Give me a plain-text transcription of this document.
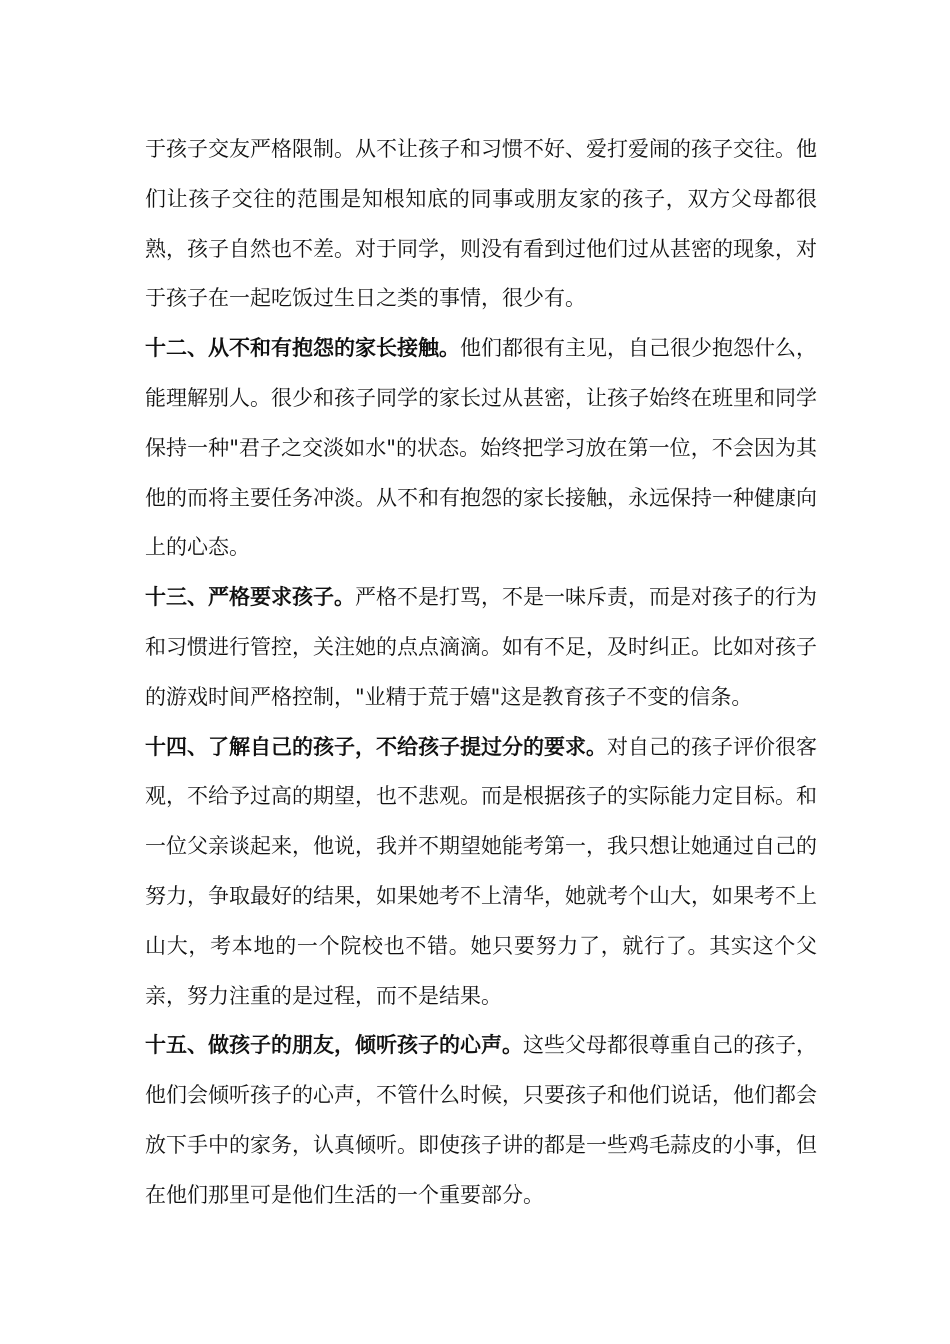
于孩子交友严格限制。从不让孩子和习惯不好、爱打爱闹的孩子交往。他们让孩子交往的范围是知根知底的同事或朋友家的孩子，双方父母都很熟，孩子自然也不差。对于同学，则没有看到过他们过从甚密的现象，对于孩子在一起吃饭过生日之类的事情，很少有。

十二、从不和有抱怨的家长接触。他们都很有主见，自己很少抱怨什么，能理解别人。很少和孩子同学的家长过从甚密，让孩子始终在班里和同学保持一种"君子之交淡如水"的状态。始终把学习放在第一位，不会因为其他的而将主要任务冲淡。从不和有抱怨的家长接触，永远保持一种健康向上的心态。

十三、严格要求孩子。严格不是打骂，不是一味斥责，而是对孩子的行为和习惯进行管控，关注她的点点滴滴。如有不足，及时纠正。比如对孩子的游戏时间严格控制，"业精于荒于嬉"这是教育孩子不变的信条。

十四、了解自己的孩子，不给孩子提过分的要求。对自己的孩子评价很客观，不给予过高的期望，也不悲观。而是根据孩子的实际能力定目标。和一位父亲谈起来，他说，我并不期望她能考第一，我只想让她通过自己的努力，争取最好的结果，如果她考不上清华，她就考个山大，如果考不上山大，考本地的一个院校也不错。她只要努力了，就行了。其实这个父亲，努力注重的是过程，而不是结果。

十五、做孩子的朋友，倾听孩子的心声。这些父母都很尊重自己的孩子，他们会倾听孩子的心声，不管什么时候，只要孩子和他们说话，他们都会放下手中的家务，认真倾听。即使孩子讲的都是一些鸡毛蒜皮的小事，但在他们那里可是他们生活的一个重要部分。
